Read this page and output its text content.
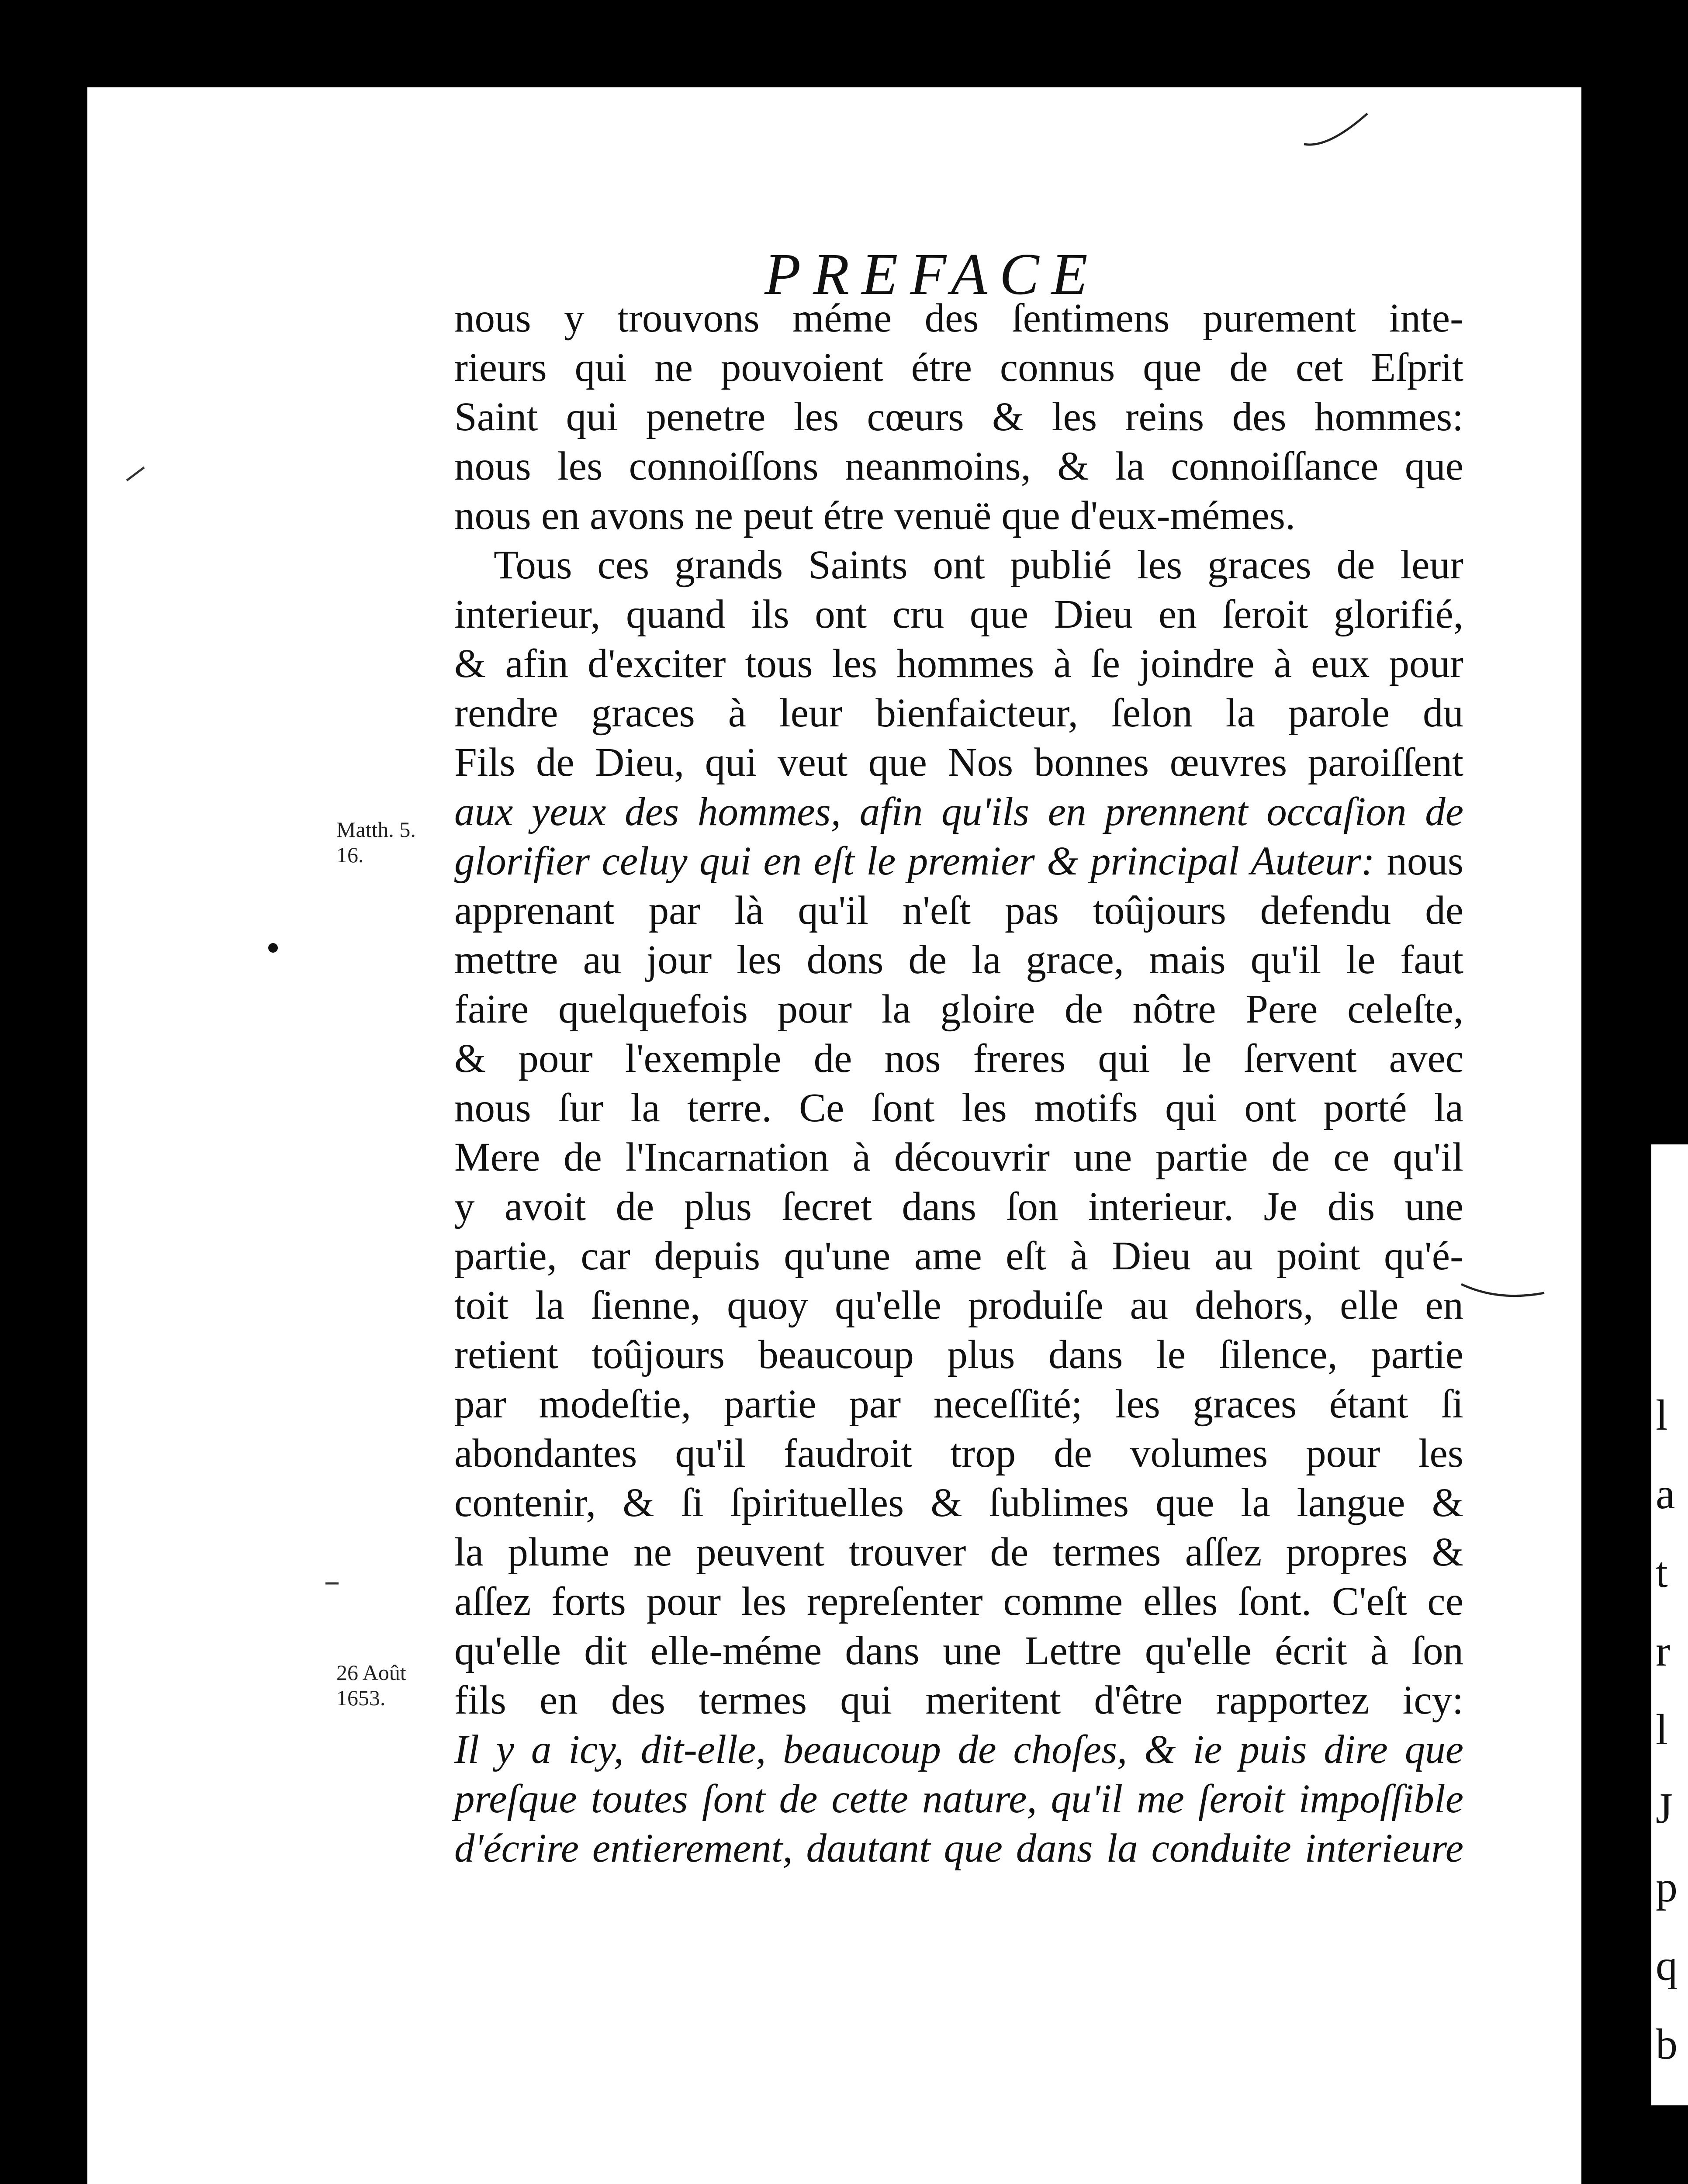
l
a
t
r
l
J
p
q
b
PREFACE
nous y trouvons méme des ſentimens purement inte-
rieurs qui ne pouvoient étre connus que de cet Eſprit
Saint qui penetre les cœurs & les reins des hommes:
nous les connoiſſons neanmoins, & la connoiſſance que
nous en avons ne peut étre venuë que d'eux-mémes.
Tous ces grands Saints ont publié les graces de leur
interieur, quand ils ont cru que Dieu en ſeroit glorifié,
& afin d'exciter tous les hommes à ſe joindre à eux pour
rendre graces à leur bienfaicteur, ſelon la parole du
Fils de Dieu, qui veut que Nos bonnes œuvres paroiſſent
aux yeux des hommes, afin qu'ils en prennent occaſion de
glorifier celuy qui en eſt le premier & principal Auteur: nous
apprenant par là qu'il n'eſt pas toûjours defendu de
mettre au jour les dons de la grace, mais qu'il le faut
faire quelquefois pour la gloire de nôtre Pere celeſte,
& pour l'exemple de nos freres qui le ſervent avec
nous ſur la terre. Ce ſont les motifs qui ont porté la
Mere de l'Incarnation à découvrir une partie de ce qu'il
y avoit de plus ſecret dans ſon interieur. Je dis une
partie, car depuis qu'une ame eſt à Dieu au point qu'é-
toit la ſienne, quoy qu'elle produiſe au dehors, elle en
retient toûjours beaucoup plus dans le ſilence, partie
par modeſtie, partie par neceſſité; les graces étant ſi
abondantes qu'il faudroit trop de volumes pour les
contenir, & ſi ſpirituelles & ſublimes que la langue &
la plume ne peuvent trouver de termes aſſez propres &
aſſez forts pour les repreſenter comme elles ſont. C'eſt ce
qu'elle dit elle-méme dans une Lettre qu'elle écrit à ſon
fils en des termes qui meritent d'être rapportez icy:
Il y a icy, dit-elle, beaucoup de choſes, & ie puis dire que
preſque toutes ſont de cette nature, qu'il me ſeroit impoſſible
d'écrire entierement, dautant que dans la conduite interieure
Matth. 5. 16.
26 Août 1653.
